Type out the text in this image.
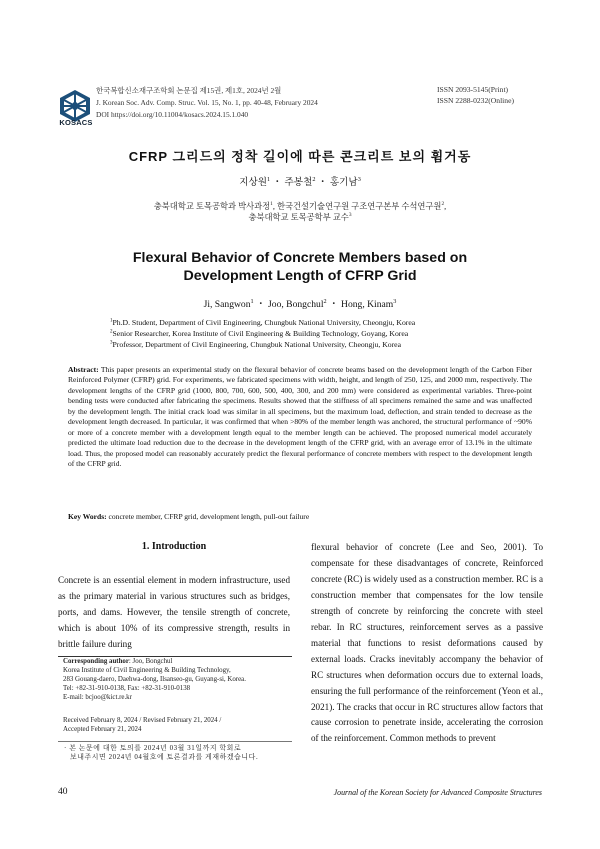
KOSACS
한국복합신소재구조학회 논문집 제15권, 제1호, 2024년 2월
J. Korean Soc. Adv. Comp. Struc. Vol. 15, No. 1, pp. 40-48, February 2024
DOI https://doi.org/10.11004/kosacs.2024.15.1.040
ISSN 2093-5145(Print)
ISSN 2288-0232(Online)
CFRP 그리드의 정착 길이에 따른 콘크리트 보의 휨거동
지상원$^1$ ・ 주봉철$^2$ ・ 홍기남$^3$
충북대학교 토목공학과 박사과정$^1$, 한국건설기술연구원 구조연구본부 수석연구원$^2$,
충북대학교 토목공학부 교수$^3$
Flexural Behavior of Concrete Members based on
Development Length of CFRP Grid
Ji, Sangwon$^1$ ・ Joo, Bongchul$^2$ ・ Hong, Kinam$^3$
$^1$Ph.D. Student, Department of Civil Engineering, Chungbuk National University, Cheongju, Korea
$^2$Senior Researcher, Korea Institute of Civil Engineering & Building Technology, Goyang, Korea
$^3$Professor, Department of Civil Engineering, Chungbuk National University, Cheongju, Korea
Abstract: This paper presents an experimental study on the flexural behavior of concrete beams based on the development length of the Carbon Fiber Reinforced Polymer (CFRP) grid. For experiments, we fabricated specimens with width, height, and length of 250, 125, and 2000 mm, respectively. The development lengths of the CFRP grid (1000, 800, 700, 600, 500, 400, 300, and 200 mm) were considered as experimental variables. Three-point bending tests were conducted after fabricating the specimens. Results showed that the stiffness of all specimens remained the same and was unaffected by the development length. The initial crack load was similar in all specimens, but the maximum load, deflection, and strain tended to decrease as the development length decreased. In particular, it was confirmed that when >80% of the member length was anchored, the structural performance of ~90% or more of a concrete member with a development length equal to the member length can be achieved. The proposed numerical model accurately predicted the ultimate load reduction due to the decrease in the development length of the CFRP grid, with an average error of 13.1% in the ultimate load. Thus, the proposed model can reasonably accurately predict the flexural performance of concrete members with respect to the development length of the CFRP grid.
Key Words: concrete member, CFRP grid, development length, pull-out failure
1. Introduction
Concrete is an essential element in modern infrastructure, used as the primary material in various structures such as bridges, ports, and dams. However, the tensile strength of concrete, which is about 10% of its compressive strength, results in brittle failure during
flexural behavior of concrete (Lee and Seo, 2001). To compensate for these disadvantages of concrete, Reinforced concrete (RC) is widely used as a construction member. RC is a construction member that compensates for the low tensile strength of concrete by reinforcing the concrete with steel rebar. In RC structures, reinforcement serves as a passive material that functions to resist deformations caused by external loads. Cracks inevitably accompany the behavior of RC structures when deformation occurs due to external loads, ensuring the full performance of the reinforcement (Yeon et al., 2021). The cracks that occur in RC structures allow factors that cause corrosion to penetrate inside, accelerating the corrosion of the reinforcement. Common methods to prevent
Corresponding author: Joo, Bongchul
Korea Institute of Civil Engineering & Building Technology,
283 Gouang-daero, Daehwa-dong, Ilsanseo-gu, Guyang-si, Korea.
Tel: +82-31-910-0138, Fax: +82-31-910-0138
E-mail: bcjoo@kict.re.kr
Received February 8, 2024 / Revised February 21, 2024 /
Accepted February 21, 2024
· 본 논문에 대한 토의를 2024년 03월 31일까지 학회로
보내주시면 2024년 04월호에 토론결과를 게재하겠습니다.
40	Journal of the Korean Society for Advanced Composite Structures
